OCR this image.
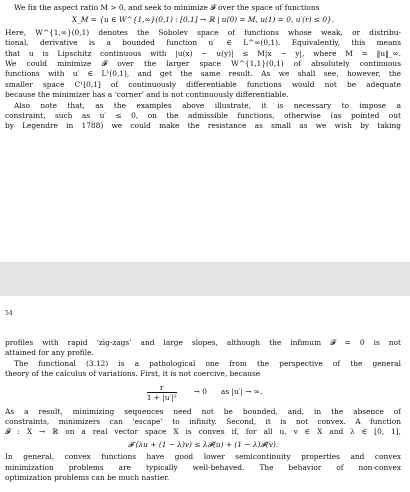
We fix the aspect ratio M > 0, and seek to minimize 𝓕 over the space of functions
X_M = {u ∈ W^{1,∞}(0,1) : [0,1] → ℝ | u(0) = M, u(1) = 0, u′(r) ≤ 0}.
Here, W^{1,∞}(0,1) denotes the Sobolev space of functions whose weak, or distribu-
tional, derivative is a bounded function u′ ∈ L^∞(0,1). Equivalently, this means
that u is Lipschitz continuous with |u(x) − u(y)| ≤ M|x − y|, where M = ‖u‖_∞.
We could minimize 𝓕 over the larger space W^{1,1}(0,1) of absolutely continuous
functions with u′ ∈ L¹(0,1), and get the same result. As we shall see, however, the
smaller space C¹[0,1] of continuously differentiable functions would not be adequate
because the minimizer has a ‘corner’ and is not continuously differentiable.
Also note that, as the examples above illustrate, it is necessary to impose a
constraint, such as u′ ≤ 0, on the admissible functions, otherwise (as pointed out
by Legendre in 1788) we could make the resistance as small as we wish by taking
54
profiles with rapid ‘zig-zags’ and large slopes, although the infimum 𝓕 = 0 is not
attained for any profile.
The functional (3.12) is a pathological one from the perspective of the general
theory of the calculus of variations. First, it is not coercive, because
$\frac{r}{\text{1 + |u′|²}} \to 0$ as |u′| → ∞.
As a result, minimizing sequences need not be bounded, and, in the absence of
constraints, minimizers can ‘escape’ to infinity. Second, it is not convex. A function
𝓕 : X → ℝ on a real vector space X is convex if, for all u, v ∈ X and λ ∈ [0, 1],
𝓕 (λu + (1 − λ)v) ≤ λ𝓕(u) + (1 − λ)𝓕(v).
In general, convex functions have good lower semicontinuity properties and convex
minimization problems are typically well-behaved. The behavior of non-convex
optimization problems can be much nastier.
